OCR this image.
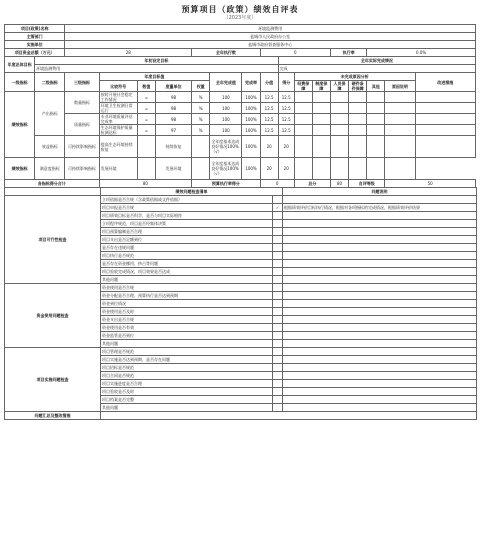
预算项目（政策）绩效自评表
（2023年度）
项目(政策)名称		环境监测费用															
主管部门		盐城市人民政府办公室															
实施单位		盐城市政府督查服务中心															
项目资金总额（万元）		28				全年执行数			0				执行率		0.0%		
年度总体目标	年初设定目标									全年实际完成情况							
	环境监测费用									完成							
一级指标	二级指标	三级指标	年度目标值				全年完成值	完成率	分值	得分	未完成原因分析						改进措施
			比较符号	数值	度量单位	权重					经费保障	制度保障	人员保障	硬件条件保障	其他	原因说明	
绩效指标	产出指标	数量指标	按时开展社会稳定工作情况	=	98	%	100	100%	12.5	12.5							
			环境卫生检测日常运行	=	98	%	100	100%	12.5	12.5							
		质量指标	专业环境质量评估完成率	=	98	%	100	100%	12.5	12.5							
			生态环境保护质量检测达标	=	97	%	100	100%	12.5	12.5							
	效益指标	可持续影响指标	提高生态环境持续恢复		持续恢复		全年度基本达成良好情况100%（√）	100%	20	20							
绩效指标	满意度指标	可持续影响指标	发展环境		发展环境		全年度基本达成良好情况100%（√）	100%	20	20							
各指标得分合计			80			预算执行率得分			0		总分		80	自评等级		50	
	绩效问题检查清单		问题说明
项目可行性检查	立项依据是否合规（含政策依据或文件依据）		
	项目申报是否合规	✓	根据绩效评价目标执行情况，根据对各项指标的完成情况，根据绩效评价结果
	项目绩效目标是否科学，是否与项目实际相符		
	立项程序规范，项目是否经集体决策		
	项目预算编制是否合理		
	项目支出是否足额到位		
	是否存在违规问题		
	项目执行是否规范		
	是否存在资金挪用、挤占等问题		
	项目验收完成情况，项目效果是否达成		
	其他问题		
资金使用问题检查	资金使用是否合规		
	资金分配是否合理、预算执行是否达到预期		
	资金到位情况		
	资金使用是否及时		
	资金支出是否合规		
	资金使用是否有效		
	资金监管是否到位		
	其他问题		
项目实施问题检查	项目管理是否规范		
	项目实施是否达到预期、是否存在问题		
	项目招标是否规范		
	项目合同是否规范		
	项目实施进度是否合理		
	项目验收是否及时		
	项目档案是否完整		
	其他问题		
问题汇总及整改措施			
